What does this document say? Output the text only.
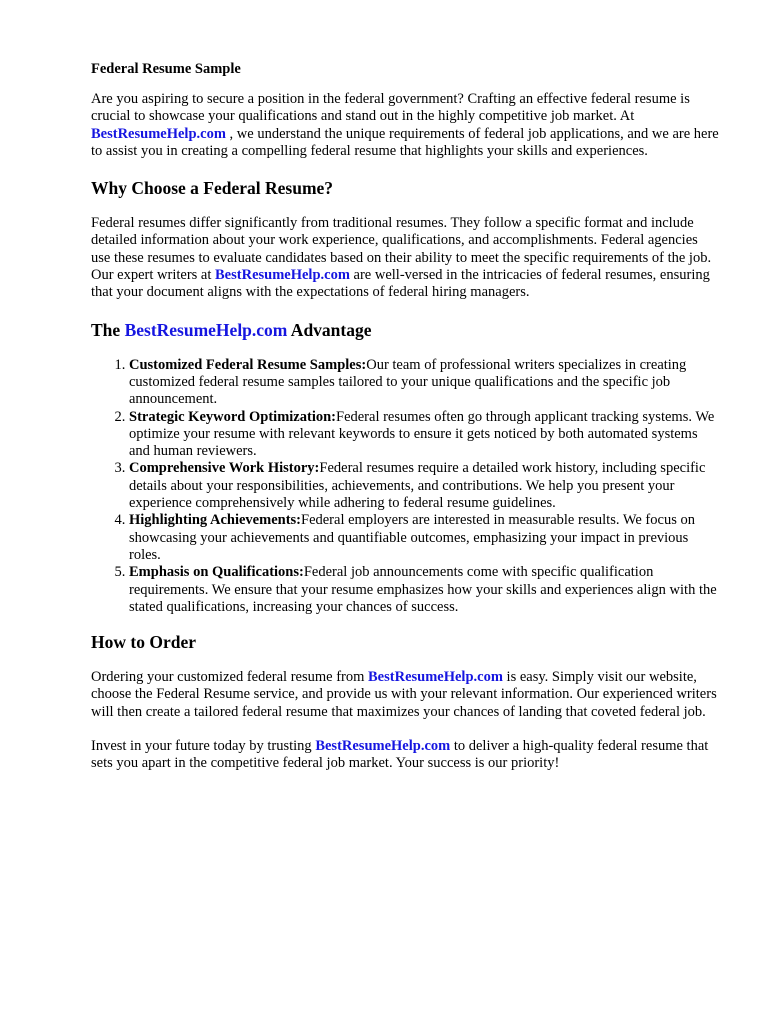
Federal Resume Sample

Are you aspiring to secure a position in the federal government? Crafting an effective federal resume is crucial to showcase your qualifications and stand out in the highly competitive job market. At BestResumeHelp.com , we understand the unique requirements of federal job applications, and we are here to assist you in creating a compelling federal resume that highlights your skills and experiences.

Why Choose a Federal Resume?

Federal resumes differ significantly from traditional resumes. They follow a specific format and include detailed information about your work experience, qualifications, and accomplishments. Federal agencies use these resumes to evaluate candidates based on their ability to meet the specific requirements of the job. Our expert writers at BestResumeHelp.com are well-versed in the intricacies of federal resumes, ensuring that your document aligns with the expectations of federal hiring managers.

The BestResumeHelp.com Advantage
1. Customized Federal Resume Samples:Our team of professional writers specializes in creating customized federal resume samples tailored to your unique qualifications and the specific job announcement.
2. Strategic Keyword Optimization:Federal resumes often go through applicant tracking systems. We optimize your resume with relevant keywords to ensure it gets noticed by both automated systems and human reviewers.
3. Comprehensive Work History:Federal resumes require a detailed work history, including specific details about your responsibilities, achievements, and contributions. We help you present your experience comprehensively while adhering to federal resume guidelines.
4. Highlighting Achievements:Federal employers are interested in measurable results. We focus on showcasing your achievements and quantifiable outcomes, emphasizing your impact in previous roles.
5. Emphasis on Qualifications:Federal job announcements come with specific qualification requirements. We ensure that your resume emphasizes how your skills and experiences align with the stated qualifications, increasing your chances of success.
How to Order

Ordering your customized federal resume from BestResumeHelp.com is easy. Simply visit our website, choose the Federal Resume service, and provide us with your relevant information. Our experienced writers will then create a tailored federal resume that maximizes your chances of landing that coveted federal job.

Invest in your future today by trusting BestResumeHelp.com to deliver a high-quality federal resume that sets you apart in the competitive federal job market. Your success is our priority!
